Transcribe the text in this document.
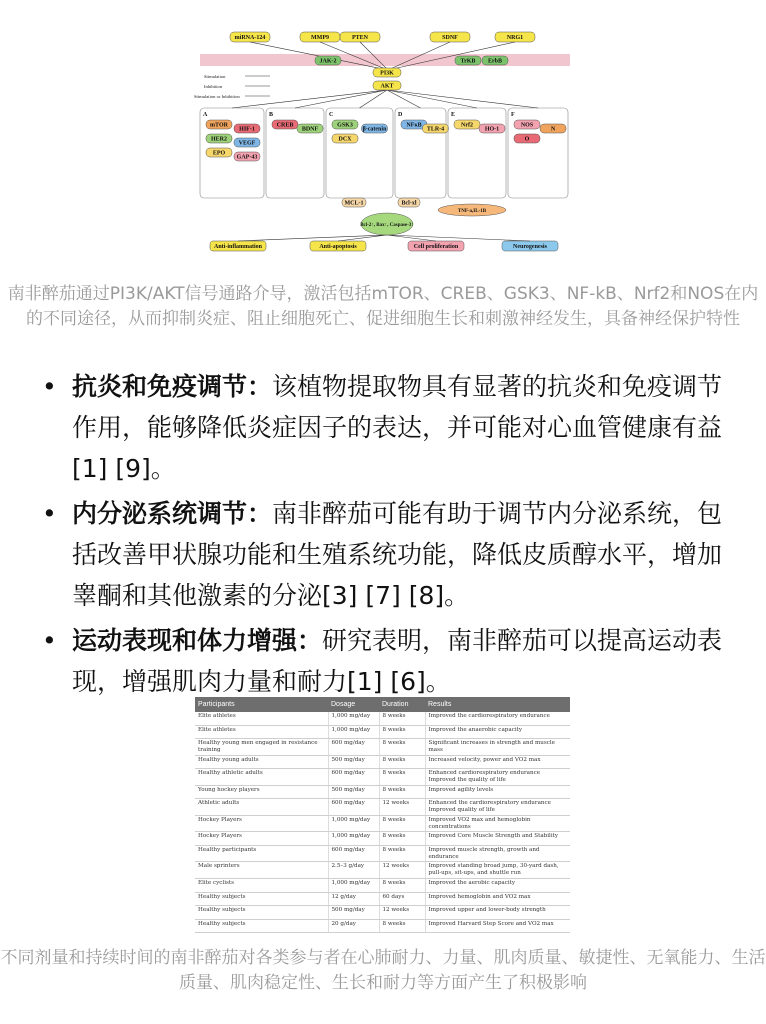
miRNA-124	MMP9	PTEN	SDNF	NRG1
JAK-2	TrKB ErbB
A
mTOR
HIF-1
HER2
VEGF
EPO
GAP-43
B
CREB
BDNF
C
GSK3
β-catenin
DCX
D
NFκB
TLR-4
E
Nrf2
HO-1
F
NOS
N
O
Stimulation
Inhibition
Stimulation or Inhibition
Anti-inflammation	Anti-apoptosis	Cell proliferation	Neurogenesis
MCL-1	Bcl-xl
Bcl-2↑, Bax↑, Caspase-3↑
TNF-a,IL-1B
PI3K
AKT
南非醉茄通过PI3K/AKT信号通路介导，激活包括mTOR、CREB、GSK3、NF-kB、Nrf2和NOS在内的不同途径，从而抑制炎症、阻止细胞死亡、促进细胞生长和刺激神经发生，具备神经保护特性
• 抗炎和免疫调节：该植物提取物具有显著的抗炎和免疫调节作用，能够降低炎症因子的表达，并可能对心血管健康有益[1] [9]。
• 内分泌系统调节：南非醉茄可能有助于调节内分泌系统，包括改善甲状腺功能和生殖系统功能，降低皮质醇水平，增加睾酮和其他激素的分泌[3] [7] [8]。
• 运动表现和体力增强：研究表明，南非醉茄可以提高运动表现，增强肌肉力量和耐力[1] [6]。
Participants	Dosage	Duration	Results
Elite athletes	1,000 mg/day	8 weeks	Improved the cardiorespiratory endurance
Elite athletes	1,000 mg/day	8 weeks	Improved the anaerobic capacity
Healthy young men engaged in resistance training	600 mg/day	8 weeks	Significant increases in strength and muscle mass
Healthy young adults	500 mg/day	8 weeks	Increased velocity, power and VO2 max
Healthy athletic adults	600 mg/day	8 weeks	Enhanced cardiorespiratory endurance Improved the quality of life
Young hockey players	500 mg/day	8 weeks	Improved agility levels
Athletic adults	600 mg/day	12 weeks	Enhanced the cardiorespiratory endurance Improved quality of life
Hockey Players	1,000 mg/day	8 weeks	Improved VO2 max and hemoglobin concentrations
Hockey Players	1,000 mg/day	8 weeks	Improved Core Muscle Strength and Stability
Healthy participants	600 mg/day	8 weeks	Improved muscle strength, growth and endurance
Male sprinters	2.5–3 g/day	12 weeks	Improved standing broad jump, 30-yard dash, pull-ups, sit-ups, and shuttle run
Elite cyclists	1,000 mg/day	8 weeks	Improved the aerobic capacity
Healthy subjects	12 g/day	60 days	Improved hemoglobin and VO2 max
Healthy subjects	500 mg/day	12 weeks	Improved upper and lower-body strength
Healthy subjects	20 g/day	8 weeks	Improved Harvard Step Score and VO2 max
不同剂量和持续时间的南非醉茄对各类参与者在心肺耐力、力量、肌肉质量、敏捷性、无氧能力、生活质量、肌肉稳定性、生长和耐力等方面产生了积极影响
